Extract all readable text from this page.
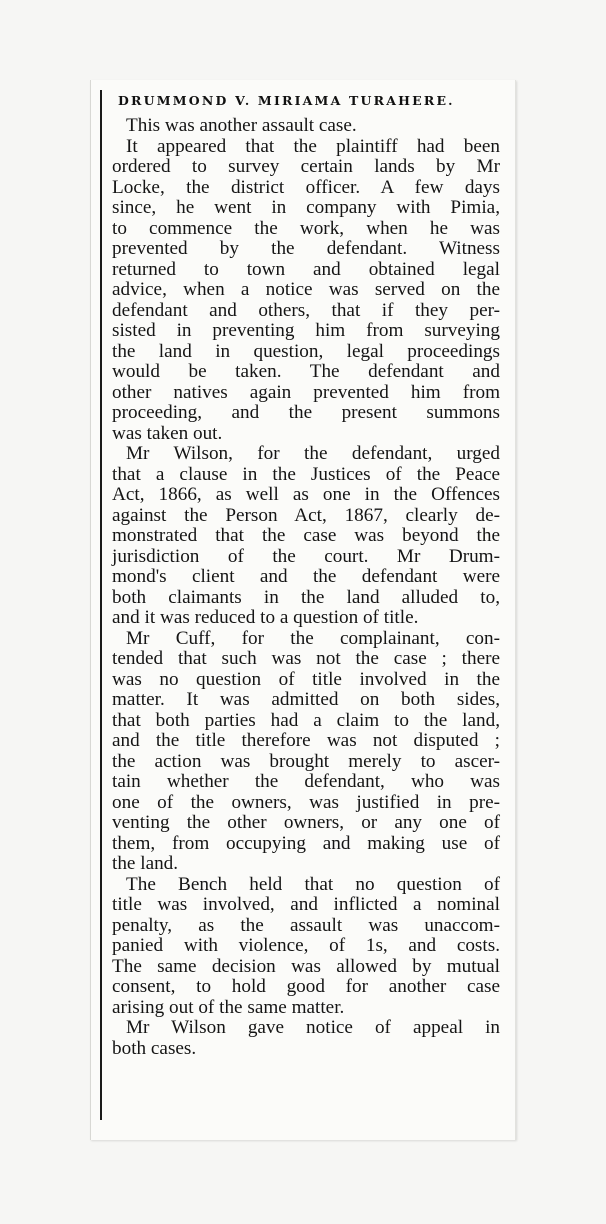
DRUMMOND V. MIRIAMA TURAHERE.
This was another assault case.
It appeared that the plaintiff had been
ordered to survey certain lands by Mr
Locke, the district officer. A few days
since, he went in company with Pimia,
to commence the work, when he was
prevented by the defendant. Witness
returned to town and obtained legal
advice, when a notice was served on the
defendant and others, that if they per-
sisted in preventing him from surveying
the land in question, legal proceedings
would be taken. The defendant and
other natives again prevented him from
proceeding, and the present summons
was taken out.
Mr Wilson, for the defendant, urged
that a clause in the Justices of the Peace
Act, 1866, as well as one in the Offences
against the Person Act, 1867, clearly de-
monstrated that the case was beyond the
jurisdiction of the court. Mr Drum-
mond's client and the defendant were
both claimants in the land alluded to,
and it was reduced to a question of title.
Mr Cuff, for the complainant, con-
tended that such was not the case ; there
was no question of title involved in the
matter. It was admitted on both sides,
that both parties had a claim to the land,
and the title therefore was not disputed ;
the action was brought merely to ascer-
tain whether the defendant, who was
one of the owners, was justified in pre-
venting the other owners, or any one of
them, from occupying and making use of
the land.
The Bench held that no question of
title was involved, and inflicted a nominal
penalty, as the assault was unaccom-
panied with violence, of 1s, and costs.
The same decision was allowed by mutual
consent, to hold good for another case
arising out of the same matter.
Mr Wilson gave notice of appeal in
both cases.
